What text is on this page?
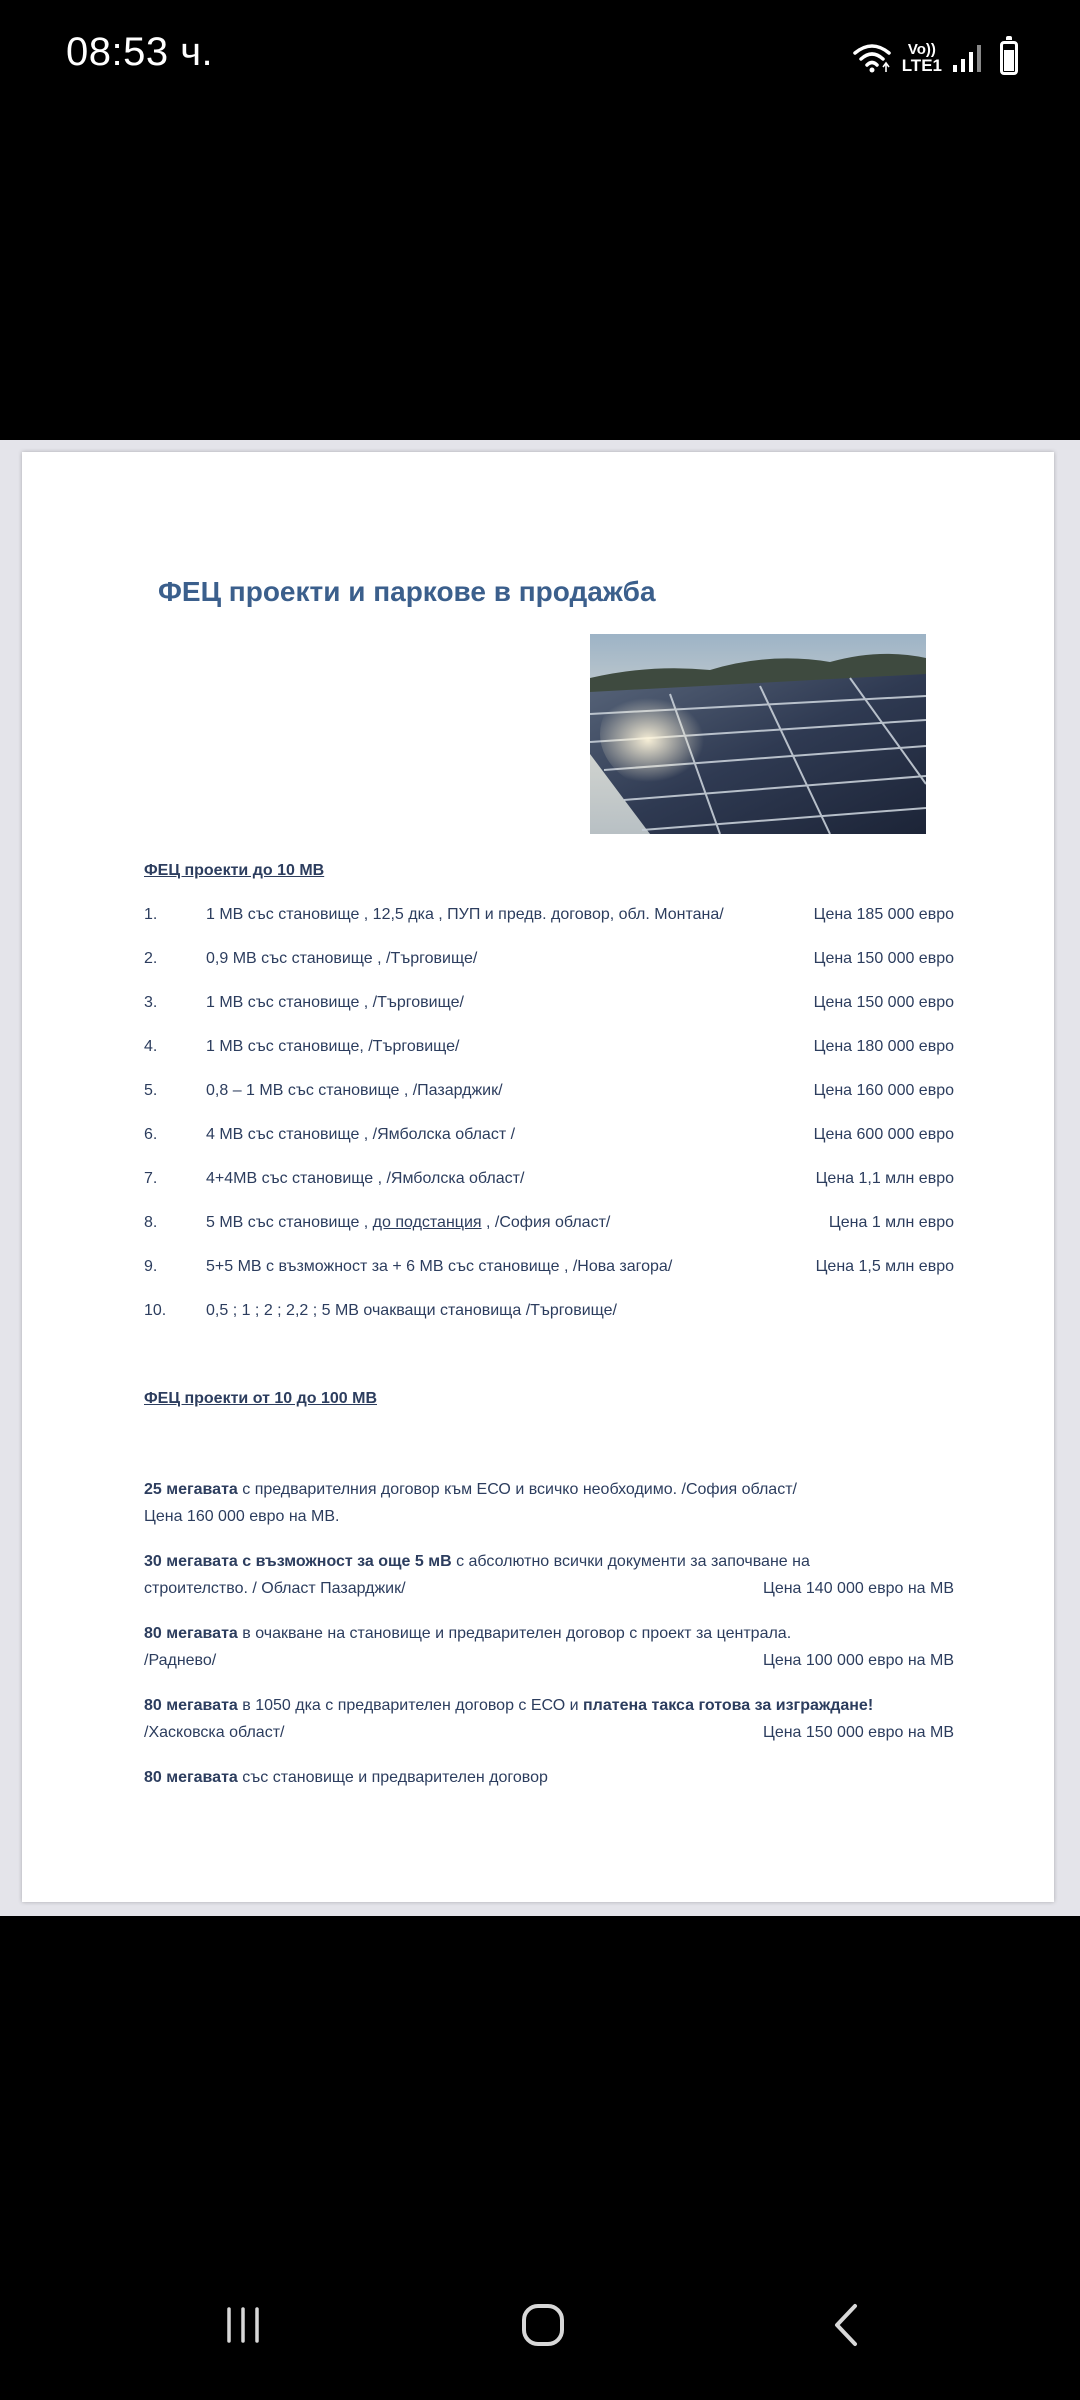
08:53 ч.	Vo))
LTE1
ФЕЦ проекти и паркове в продажба
ФЕЦ проекти до 10 МВ
1.	1 МВ със становище , 12,5 дка , ПУП и предв. договор, обл. Монтана/	Цена 185 000 евро
2.	0,9 МВ със становище , /Търговище/	Цена 150 000 евро
3.	1 МВ със становище , /Търговище/	Цена 150 000 евро
4.	1 МВ със становище, /Търговище/	Цена 180 000 евро
5.	0,8 – 1 МВ със становище , /Пазарджик/	Цена 160 000 евро
6.	4 МВ със становище , /Ямболска област /	Цена 600 000 евро
7.	4+4МВ със становище , /Ямболска област/	Цена 1,1 млн евро
8.	5 МВ със становище , до подстанция , /София област/	Цена 1 млн евро
9.	5+5 МВ с възможност за + 6 МВ със становище , /Нова загора/	Цена 1,5 млн евро
10. 0,5 ; 1 ; 2 ; 2,2 ; 5 МВ очакващи становища /Търговище/
ФЕЦ проекти от 10 до 100 МВ
25 мегавата с предварителния договор към ЕСО и всичко необходимо. /София област/
Цена 160 000 евро на МВ.
30 мегавата с възможност за още 5 мВ с абсолютно всички документи за започване на
строителство. / Област Пазарджик/	Цена 140 000 евро на МВ
80 мегавата в очакване на становище и предварителен договор с проект за централа.
/Раднево/	Цена 100 000 евро на МВ
80 мегавата в 1050 дка с предварителен договор с ЕСО и платена такса готова за изграждане!
/Хасковска област/	Цена 150 000 евро на МВ
80 мегавата със становище и предварителен договор
